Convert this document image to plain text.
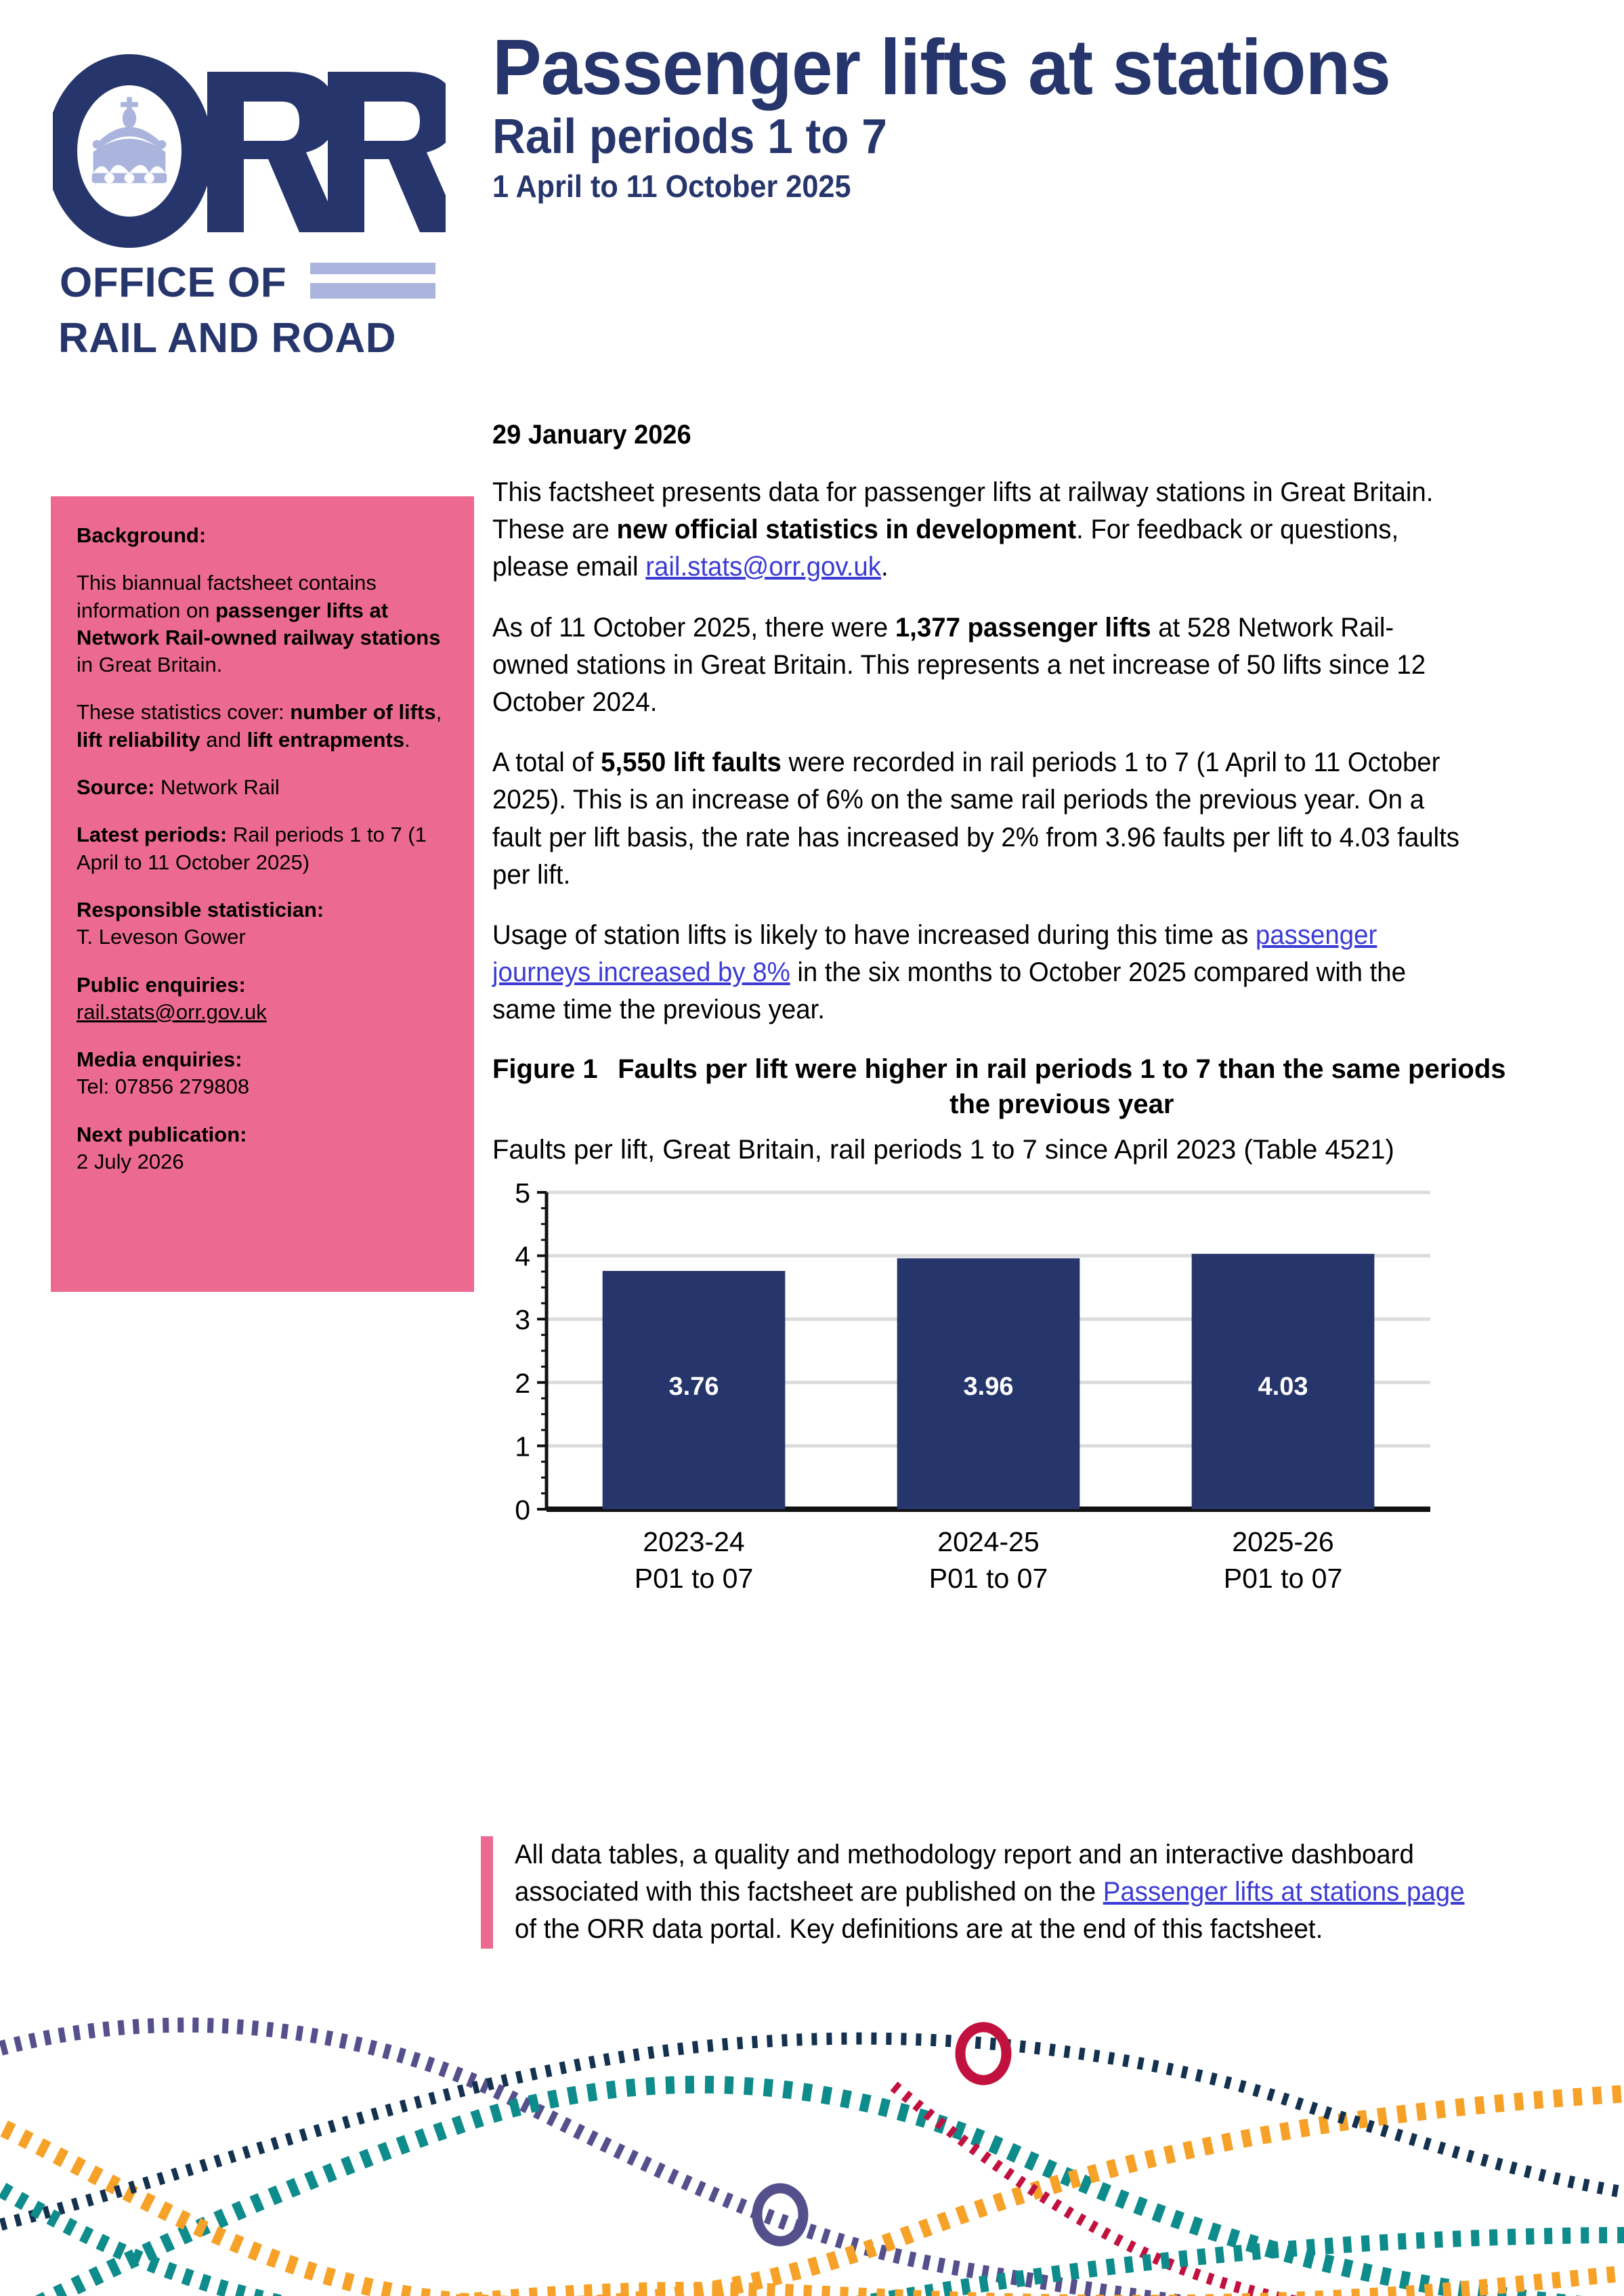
OFFICE OF
RAIL AND ROAD
Passenger lifts at stations
Rail periods 1 to 7
1 April to 11 October 2025
29 January 2026

Background:

This biannual factsheet contains information on passenger lifts at Network Rail-owned railway stations in Great Britain.

These statistics cover: number of lifts, lift reliability and lift entrapments.

Source: Network Rail

Latest periods: Rail periods 1 to 7 (1 April to 11 October 2025)

Responsible statistician:
T. Leveson Gower

Public enquiries:
rail.stats@orr.gov.uk

Media enquiries:
Tel: 07856 279808

Next publication:
2 July 2026

This factsheet presents data for passenger lifts at railway stations in Great Britain. These are new official statistics in development. For feedback or questions, please email rail.stats@orr.gov.uk.

As of 11 October 2025, there were 1,377 passenger lifts at 528 Network Rail-owned stations in Great Britain. This represents a net increase of 50 lifts since 12 October 2024.

A total of 5,550 lift faults were recorded in rail periods 1 to 7 (1 April to 11 October 2025). This is an increase of 6% on the same rail periods the previous year. On a fault per lift basis, the rate has increased by 2% from 3.96 faults per lift to 4.03 faults per lift.

Usage of station lifts is likely to have increased during this time as passenger journeys increased by 8% in the six months to October 2025 compared with the same time the previous year.

Figure 1 Faults per lift were higher in rail periods 1 to 7 than the same periods the previous year
Faults per lift, Great Britain, rail periods 1 to 7 since April 2023 (Table 4521)
0
1
2
3
4
5
3.76
2023-24
P01 to 07
3.96
2024-25
P01 to 07
4.03
2025-26
P01 to 07

All data tables, a quality and methodology report and an interactive dashboard associated with this factsheet are published on the Passenger lifts at stations page of the ORR data portal. Key definitions are at the end of this factsheet.
